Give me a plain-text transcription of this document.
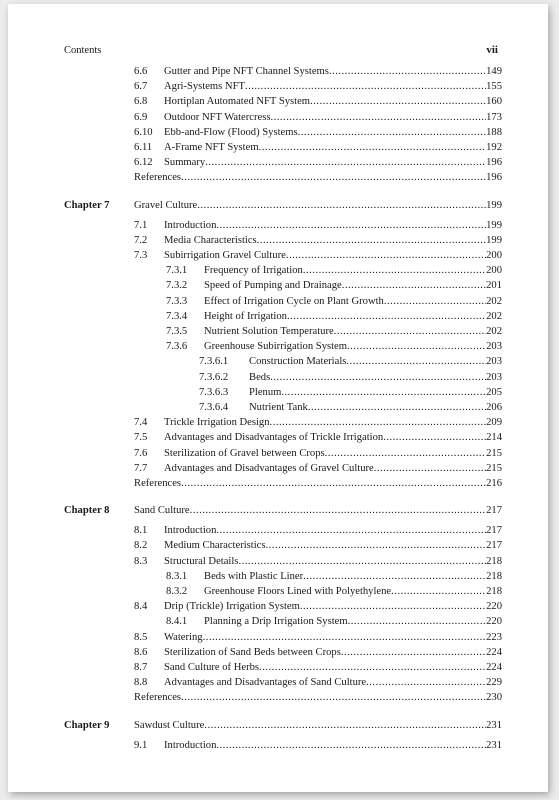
Contents	vii
6.6 Gutter and Pipe NFT Channel Systems .....	149
6.7 Agri-Systems NFT .....	155
6.8 Hortiplan Automated NFT System .....	160
6.9 Outdoor NFT Watercress .....	173
6.10 Ebb-and-Flow (Flood) Systems .....	188
6.11 A-Frame NFT System .....	192
6.12 Summary .....	196
References .....	196
Chapter 7 Gravel Culture .....	199
7.1 Introduction .....	199
7.2 Media Characteristics .....	199
7.3 Subirrigation Gravel Culture .....	200
7.3.1 Frequency of Irrigation .....	200
7.3.2 Speed of Pumping and Drainage .....	201
7.3.3 Effect of Irrigation Cycle on Plant Growth .....	202
7.3.4 Height of Irrigation .....	202
7.3.5 Nutrient Solution Temperature .....	202
7.3.6 Greenhouse Subirrigation System .....	203
7.3.6.1 Construction Materials .....	203
7.3.6.2 Beds .....	203
7.3.6.3 Plenum .....	205
7.3.6.4 Nutrient Tank .....	206
7.4 Trickle Irrigation Design .....	209
7.5 Advantages and Disadvantages of Trickle Irrigation .....	214
7.6 Sterilization of Gravel between Crops .....	215
7.7 Advantages and Disadvantages of Gravel Culture .....	215
References .....	216
Chapter 8 Sand Culture .....	217
8.1 Introduction .....	217
8.2 Medium Characteristics .....	217
8.3 Structural Details .....	218
8.3.1 Beds with Plastic Liner .....	218
8.3.2 Greenhouse Floors Lined with Polyethylene .....	218
8.4 Drip (Trickle) Irrigation System .....	220
8.4.1 Planning a Drip Irrigation System .....	220
8.5 Watering .....	223
8.6 Sterilization of Sand Beds between Crops .....	224
8.7 Sand Culture of Herbs .....	224
8.8 Advantages and Disadvantages of Sand Culture .....	229
References .....	230
Chapter 9 Sawdust Culture .....	231
9.1 Introduction .....	231
